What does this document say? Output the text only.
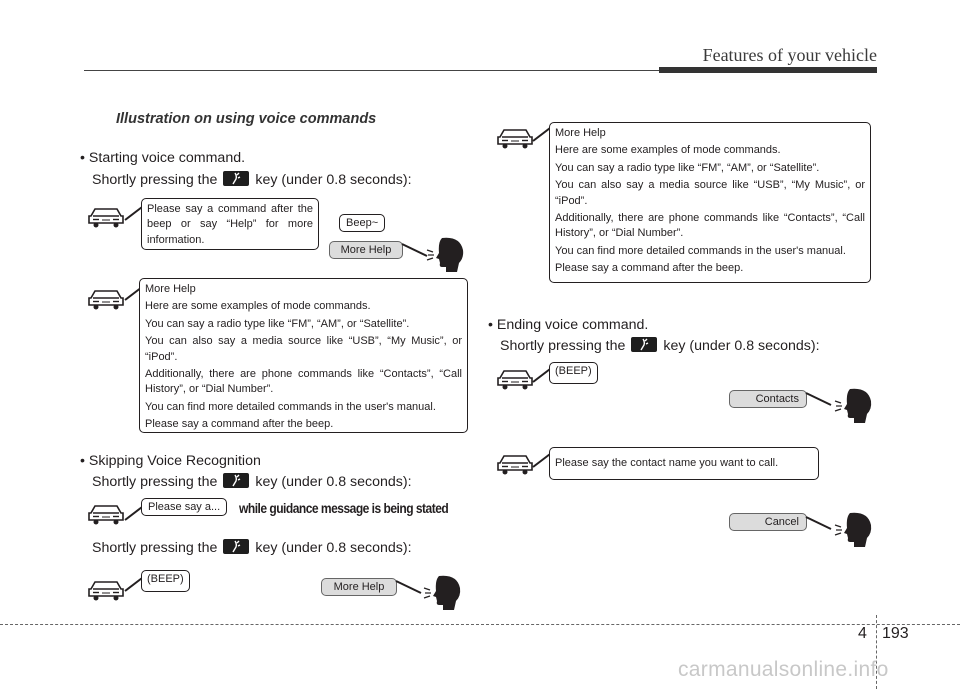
Features of your vehicle
Illustration on using voice commands
• Starting voice command.
Shortly pressing the	key (under 0.8 seconds):
Please say a command after the beep or say “Help” for more information.
Beep~
More Help

More Help

Here are some examples of mode commands.

You can say a radio type like “FM”, “AM”, or “Satellite”.

You can also say a media source like “USB”, “My Music”, or “iPod”.

Additionally, there are phone commands like “Contacts”, “Call History”, or “Dial Number”.

You can find more detailed commands in the user's manual.

Please say a command after the beep.

• Skipping Voice Recognition
Shortly pressing the	key (under 0.8 seconds):
Please say a...	while guidance message is being stated
Shortly pressing the	key (under 0.8 seconds):
(BEEP)
More Help

More Help

Here are some examples of mode commands.

You can say a radio type like “FM”, “AM”, or “Satellite”.

You can also say a media source like “USB”, “My Music”, or “iPod”.

Additionally, there are phone commands like “Contacts”, “Call History”, or “Dial Number”.

You can find more detailed commands in the user's manual.

Please say a command after the beep.

• Ending voice command.
Shortly pressing the	key (under 0.8 seconds):
(BEEP)
Contacts
Please say the contact name you want to call.
Cancel
4 193
carmanualsonline.info
